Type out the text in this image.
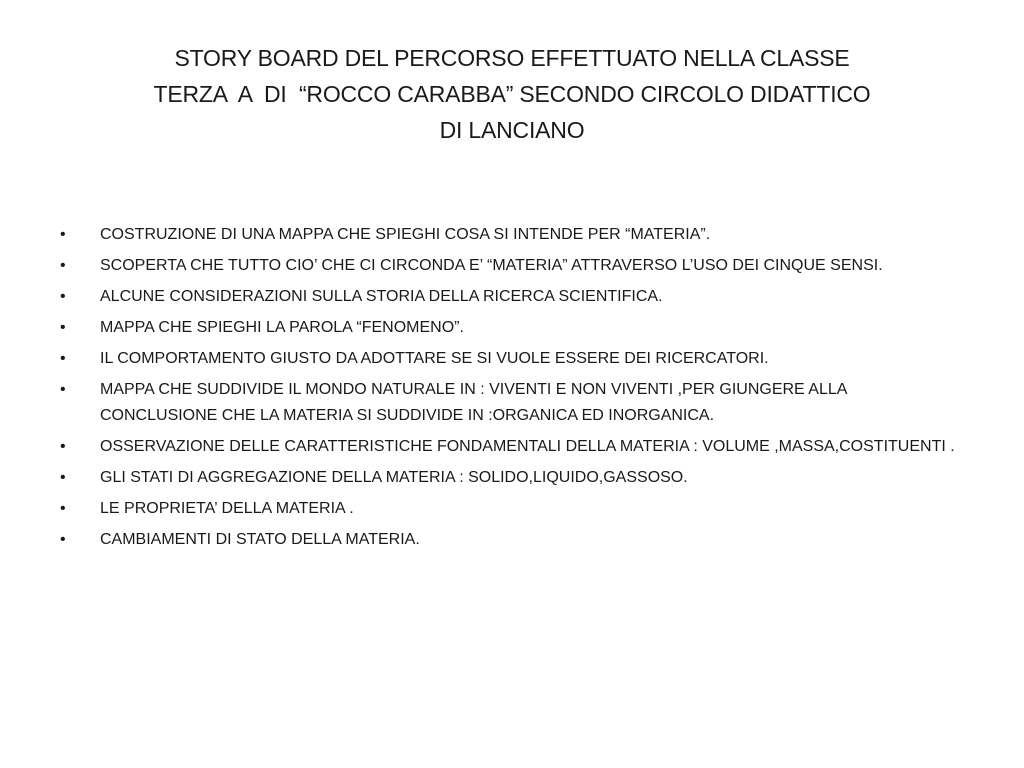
STORY BOARD DEL PERCORSO EFFETTUATO NELLA CLASSE
TERZA  A  DI  “ROCCO CARABBA” SECONDO CIRCOLO DIDATTICO
DI LANCIANO
•	COSTRUZIONE DI UNA MAPPA CHE SPIEGHI COSA SI INTENDE PER “MATERIA”.
•	SCOPERTA CHE TUTTO CIO’ CHE CI CIRCONDA E’ “MATERIA” ATTRAVERSO L’USO DEI CINQUE SENSI.
•	ALCUNE CONSIDERAZIONI SULLA STORIA DELLA RICERCA SCIENTIFICA.
•	MAPPA CHE SPIEGHI LA PAROLA “FENOMENO”.
•	IL COMPORTAMENTO GIUSTO DA ADOTTARE SE SI VUOLE ESSERE DEI RICERCATORI.
•	MAPPA CHE SUDDIVIDE IL MONDO NATURALE IN : VIVENTI E NON VIVENTI ,PER GIUNGERE ALLA CONCLUSIONE CHE LA MATERIA SI SUDDIVIDE IN :ORGANICA ED INORGANICA.
•	OSSERVAZIONE DELLE CARATTERISTICHE FONDAMENTALI DELLA MATERIA : VOLUME ,MASSA,COSTITUENTI .
•	GLI STATI DI AGGREGAZIONE DELLA MATERIA : SOLIDO,LIQUIDO,GASSOSO.
•	LE PROPRIETA’ DELLA MATERIA .
•	CAMBIAMENTI DI STATO DELLA MATERIA.
